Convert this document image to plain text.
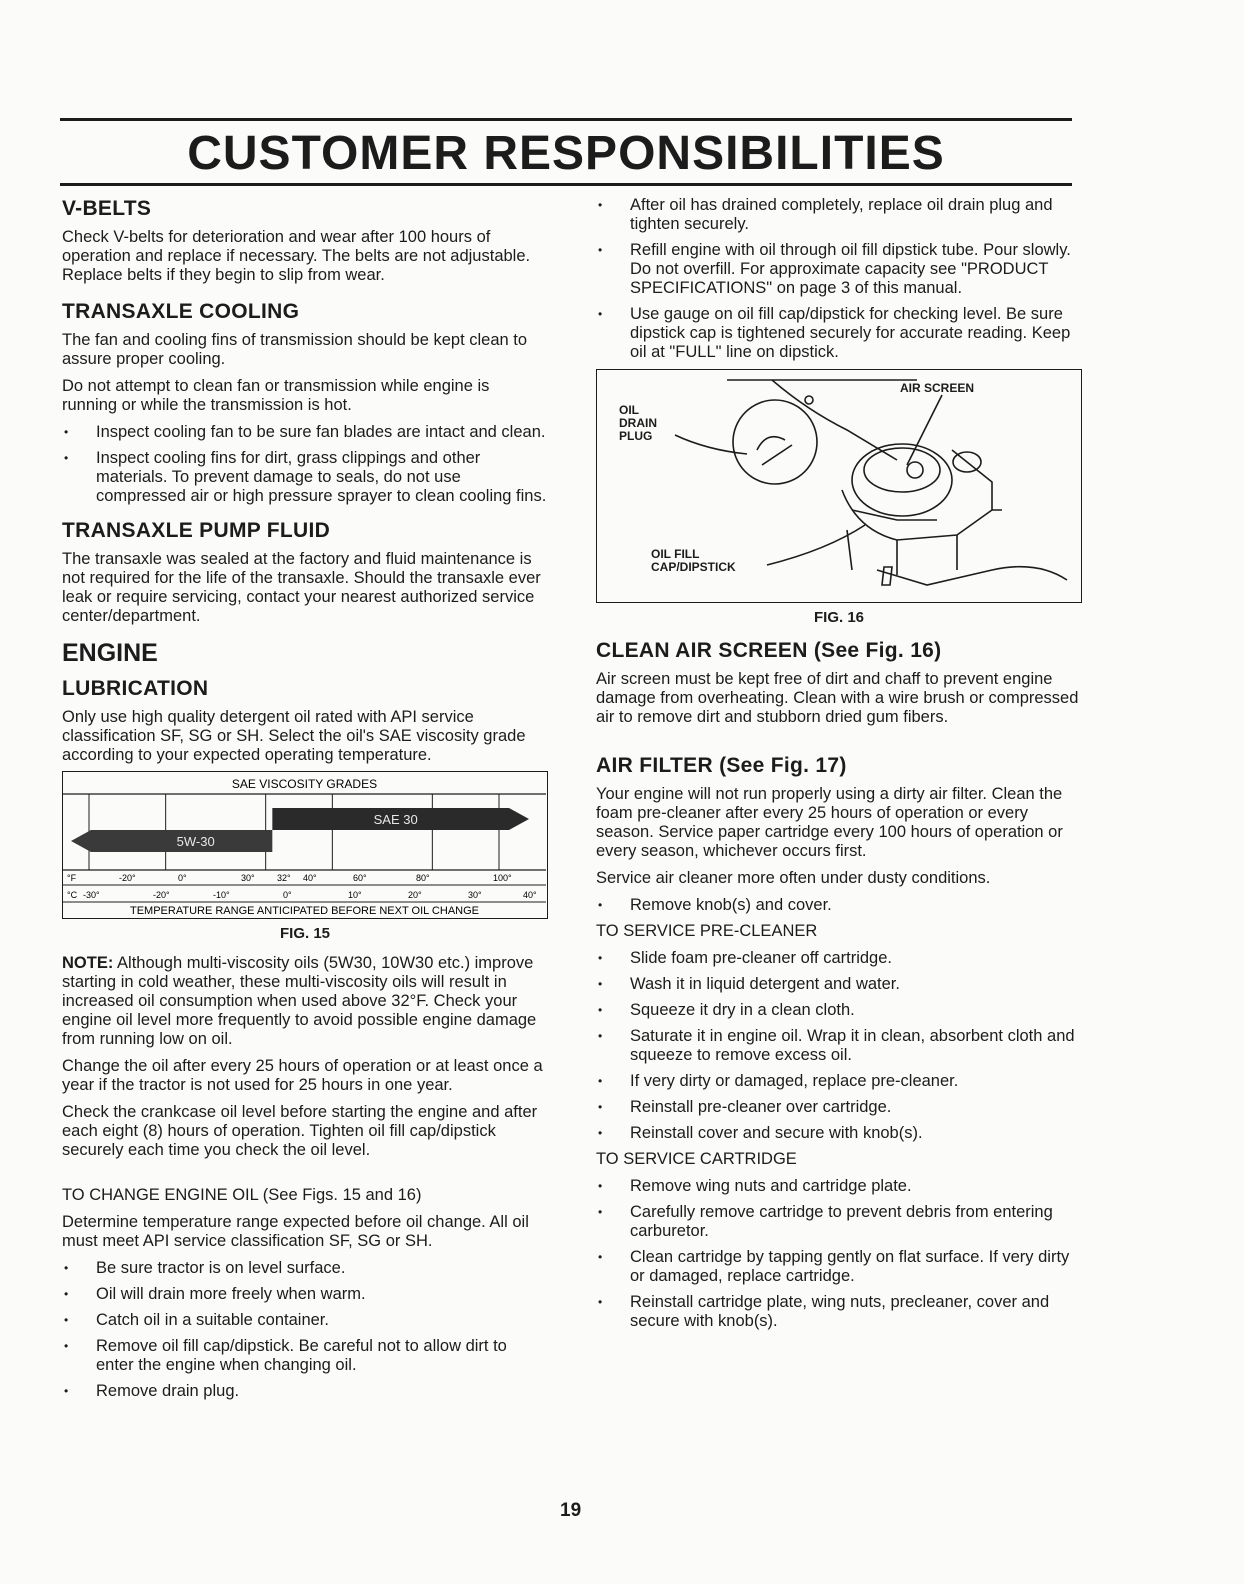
CUSTOMER RESPONSIBILITIES
V-BELTS

Check V-belts for deterioration and wear after 100 hours of operation and replace if necessary. The belts are not adjustable. Replace belts if they begin to slip from wear.

TRANSAXLE COOLING

The fan and cooling fins of transmission should be kept clean to assure proper cooling.

Do not attempt to clean fan or transmission while engine is running or while the transmission is hot.

• Inspect cooling fan to be sure fan blades are intact and clean.
• Inspect cooling fins for dirt, grass clippings and other materials. To prevent damage to seals, do not use compressed air or high pressure sprayer to clean cooling fins.
TRANSAXLE PUMP FLUID

The transaxle was sealed at the factory and fluid maintenance is not required for the life of the transaxle. Should the transaxle ever leak or require servicing, contact your nearest authorized service center/department.

ENGINE
LUBRICATION

Only use high quality detergent oil rated with API service classification SF, SG or SH. Select the oil's SAE viscosity grade according to your expected operating temperature.

SAE VISCOSITY GRADES
SAE 30
5W-30
°F	-20°	0°	30° 32° 40°	60°	80°	100°
°C -30°	-20°	-10°	0°	10°	20°	30°	40°
TEMPERATURE RANGE ANTICIPATED BEFORE NEXT OIL CHANGE
FIG. 15

NOTE: Although multi-viscosity oils (5W30, 10W30 etc.) improve starting in cold weather, these multi-viscosity oils will result in increased oil consumption when used above 32°F. Check your engine oil level more frequently to avoid possible engine damage from running low on oil.

Change the oil after every 25 hours of operation or at least once a year if the tractor is not used for 25 hours in one year.

Check the crankcase oil level before starting the engine and after each eight (8) hours of operation. Tighten oil fill cap/dipstick securely each time you check the oil level.

TO CHANGE ENGINE OIL (See Figs. 15 and 16)

Determine temperature range expected before oil change. All oil must meet API service classification SF, SG or SH.

• Be sure tractor is on level surface.
• Oil will drain more freely when warm.
• Catch oil in a suitable container.
• Remove oil fill cap/dipstick. Be careful not to allow dirt to enter the engine when changing oil.
• Remove drain plug.
• After oil has drained completely, replace oil drain plug and tighten securely.
• Refill engine with oil through oil fill dipstick tube. Pour slowly. Do not overfill. For approximate capacity see "PRODUCT SPECIFICATIONS" on page 3 of this manual.
• Use gauge on oil fill cap/dipstick for checking level. Be sure dipstick cap is tightened securely for accurate reading. Keep oil at "FULL" line on dipstick.
AIR SCREEN
OIL
DRAIN
PLUG
OIL FILL
CAP/DIPSTICK
FIG. 16
CLEAN AIR SCREEN (See Fig. 16)

Air screen must be kept free of dirt and chaff to prevent engine damage from overheating. Clean with a wire brush or compressed air to remove dirt and stubborn dried gum fibers.

AIR FILTER (See Fig. 17)

Your engine will not run properly using a dirty air filter. Clean the foam pre-cleaner after every 25 hours of operation or every season. Service paper cartridge every 100 hours of operation or every season, whichever occurs first.

Service air cleaner more often under dusty conditions.

• Remove knob(s) and cover.
TO SERVICE PRE-CLEANER
• Slide foam pre-cleaner off cartridge.
• Wash it in liquid detergent and water.
• Squeeze it dry in a clean cloth.
• Saturate it in engine oil. Wrap it in clean, absorbent cloth and squeeze to remove excess oil.
• If very dirty or damaged, replace pre-cleaner.
• Reinstall pre-cleaner over cartridge.
• Reinstall cover and secure with knob(s).
TO SERVICE CARTRIDGE
• Remove wing nuts and cartridge plate.
• Carefully remove cartridge to prevent debris from entering carburetor.
• Clean cartridge by tapping gently on flat surface. If very dirty or damaged, replace cartridge.
• Reinstall cartridge plate, wing nuts, precleaner, cover and secure with knob(s).
19
